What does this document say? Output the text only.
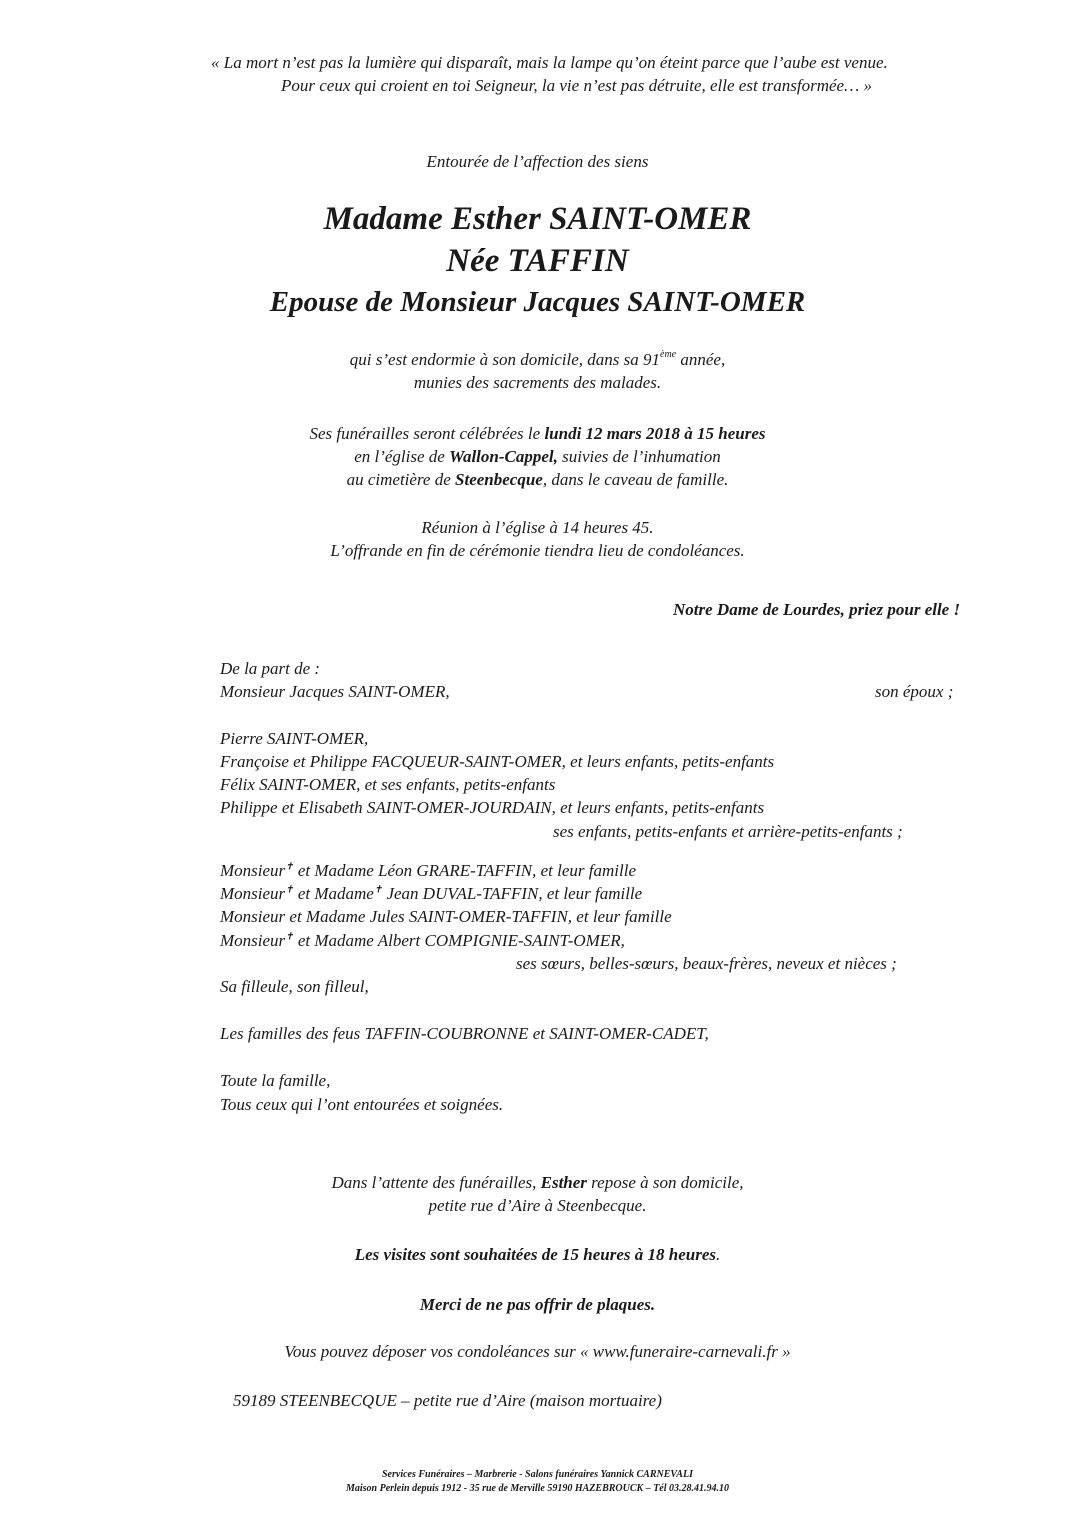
« La mort n’est pas la lumière qui disparaît, mais la lampe qu’on éteint parce que l’aube est venue.
Pour ceux qui croient en toi Seigneur, la vie n’est pas détruite, elle est transformée… »
Entourée de l’affection des siens
Madame Esther SAINT-OMER
Née TAFFIN
Epouse de Monsieur Jacques SAINT-OMER
qui s’est endormie à son domicile, dans sa 91ème année,
munies des sacrements des malades.
Ses funérailles seront célébrées le lundi 12 mars 2018 à 15 heures
en l’église de Wallon-Cappel, suivies de l’inhumation
au cimetière de Steenbecque, dans le caveau de famille.
Réunion à l’église à 14 heures 45.
L’offrande en fin de cérémonie tiendra lieu de condoléances.
Notre Dame de Lourdes, priez pour elle !
De la part de :
Monsieur Jacques SAINT-OMER,	son époux ;
Pierre SAINT-OMER,
Françoise et Philippe FACQUEUR-SAINT-OMER, et leurs enfants, petits-enfants
Félix SAINT-OMER, et ses enfants, petits-enfants
Philippe et Elisabeth SAINT-OMER-JOURDAIN, et leurs enfants, petits-enfants
ses enfants, petits-enfants et arrière-petits-enfants ;
Monsieur✝ et Madame Léon GRARE-TAFFIN, et leur famille
Monsieur✝ et Madame✝ Jean DUVAL-TAFFIN, et leur famille
Monsieur et Madame Jules SAINT-OMER-TAFFIN, et leur famille
Monsieur✝ et Madame Albert COMPIGNIE-SAINT-OMER,
ses sœurs, belles-sœurs, beaux-frères, neveux et nièces ;
Sa filleule, son filleul,
Les familles des feus TAFFIN-COUBRONNE et SAINT-OMER-CADET,
Toute la famille,
Tous ceux qui l’ont entourées et soignées.
Dans l’attente des funérailles, Esther repose à son domicile,
petite rue d’Aire à Steenbecque.
Les visites sont souhaitées de 15 heures à 18 heures.
Merci de ne pas offrir de plaques.
Vous pouvez déposer vos condoléances sur « www.funeraire-carnevali.fr »
59189 STEENBECQUE – petite rue d’Aire (maison mortuaire)
Services Funéraires – Marbrerie - Salons funéraires Yannick CARNEVALI
Maison Perlein depuis 1912 - 35 rue de Merville 59190 HAZEBROUCK – Tél 03.28.41.94.10
